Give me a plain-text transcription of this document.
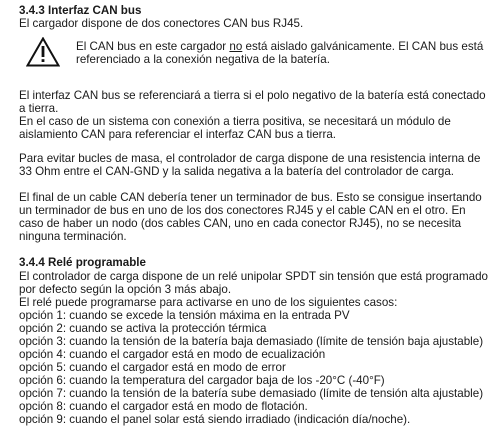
3.4.3 Interfaz CAN bus
El cargador dispone de dos conectores CAN bus RJ45.
El CAN bus en este cargador no está aislado galvánicamente. El CAN bus está referenciado a la conexión negativa de la batería.

El interfaz CAN bus se referenciará a tierra si el polo negativo de la batería está conectado

a tierra.

En el caso de un sistema con conexión a tierra positiva, se necesitará un módulo de

aislamiento CAN para referenciar el interfaz CAN bus a tierra.

Para evitar bucles de masa, el controlador de carga dispone de una resistencia interna de

33 Ohm entre el CAN-GND y la salida negativa a la batería del controlador de carga.

El final de un cable CAN debería tener un terminador de bus. Esto se consigue insertando

un terminador de bus en uno de los dos conectores RJ45 y el cable CAN en el otro. En

caso de haber un nodo (dos cables CAN, uno en cada conector RJ45), no se necesita

ninguna terminación.

3.4.4 Relé programable

El controlador de carga dispone de un relé unipolar SPDT sin tensión que está programado

por defecto según la opción 3 más abajo.

El relé puede programarse para activarse en uno de los siguientes casos:

opción 1: cuando se excede la tensión máxima en la entrada PV

opción 2: cuando se activa la protección térmica

opción 3: cuando la tensión de la batería baja demasiado (límite de tensión baja ajustable)

opción 4: cuando el cargador está en modo de ecualización

opción 5: cuando el cargador está en modo de error

opción 6: cuando la temperatura del cargador baja de los -20°C (-40°F)

opción 7: cuando la tensión de la batería sube demasiado (límite de tensión alta ajustable)

opción 8: cuando el cargador está en modo de flotación.

opción 9: cuando el panel solar está siendo irradiado (indicación día/noche).
